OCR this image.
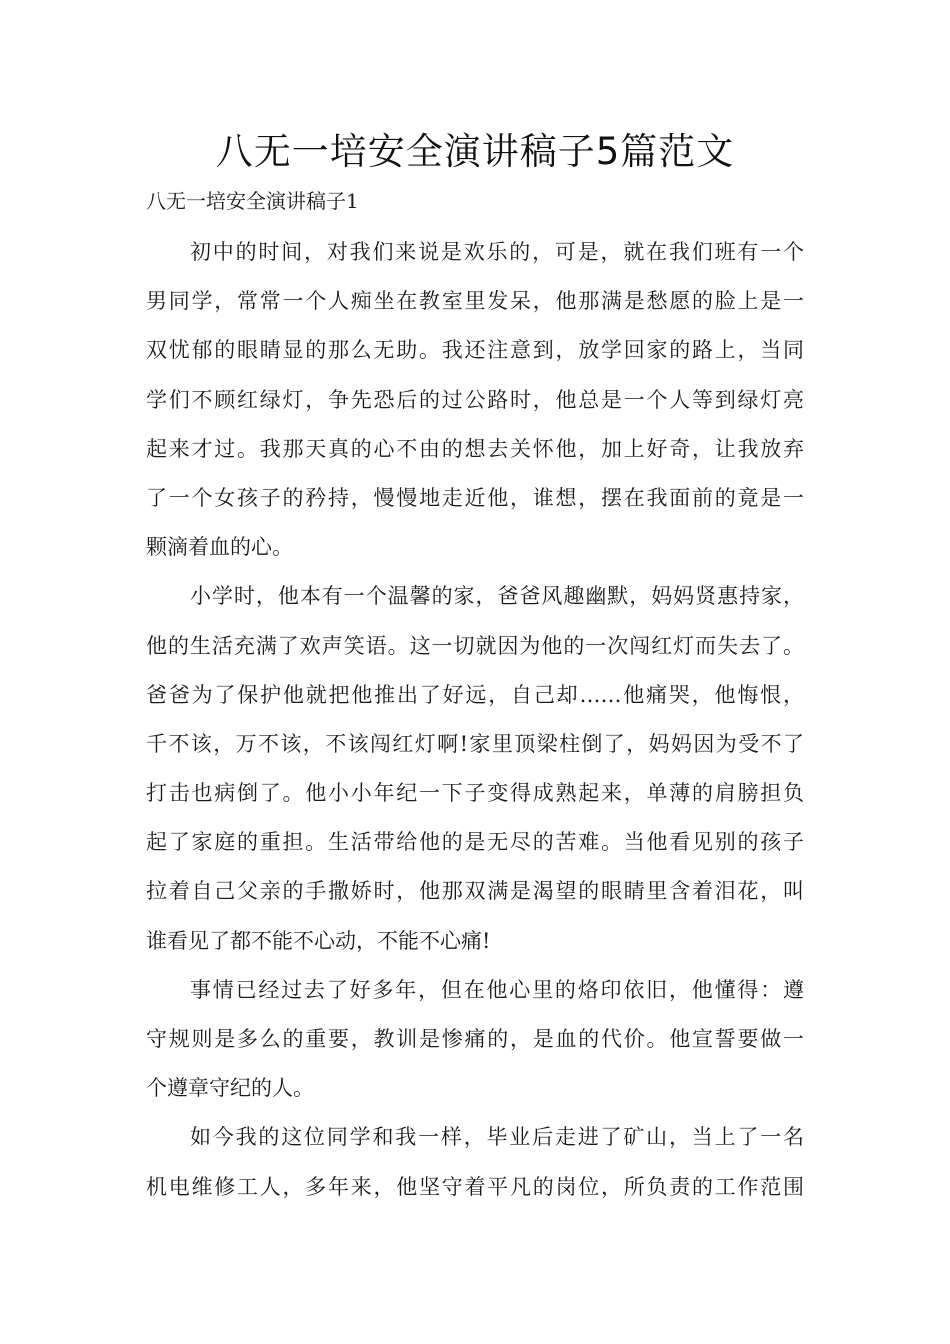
八无一培安全演讲稿子5篇范文
八无一培安全演讲稿子1
初中的时间，对我们来说是欢乐的，可是，就在我们班有一个
男同学，常常一个人痴坐在教室里发呆，他那满是愁愿的脸上是一
双忧郁的眼睛显的那么无助。我还注意到，放学回家的路上，当同
学们不顾红绿灯，争先恐后的过公路时，他总是一个人等到绿灯亮
起来才过。我那天真的心不由的想去关怀他，加上好奇，让我放弃
了一个女孩子的矜持，慢慢地走近他，谁想，摆在我面前的竟是一
颗滴着血的心。
小学时，他本有一个温馨的家，爸爸风趣幽默，妈妈贤惠持家，
他的生活充满了欢声笑语。这一切就因为他的一次闯红灯而失去了。
爸爸为了保护他就把他推出了好远，自己却……他痛哭，他悔恨，
千不该，万不该，不该闯红灯啊!家里顶梁柱倒了，妈妈因为受不了
打击也病倒了。他小小年纪一下子变得成熟起来，单薄的肩膀担负
起了家庭的重担。生活带给他的是无尽的苦难。当他看见别的孩子
拉着自己父亲的手撒娇时，他那双满是渴望的眼睛里含着泪花，叫
谁看见了都不能不心动，不能不心痛!
事情已经过去了好多年，但在他心里的烙印依旧，他懂得：遵
守规则是多么的重要，教训是惨痛的，是血的代价。他宣誓要做一
个遵章守纪的人。
如今我的这位同学和我一样，毕业后走进了矿山，当上了一名
机电维修工人，多年来，他坚守着平凡的岗位，所负责的工作范围
